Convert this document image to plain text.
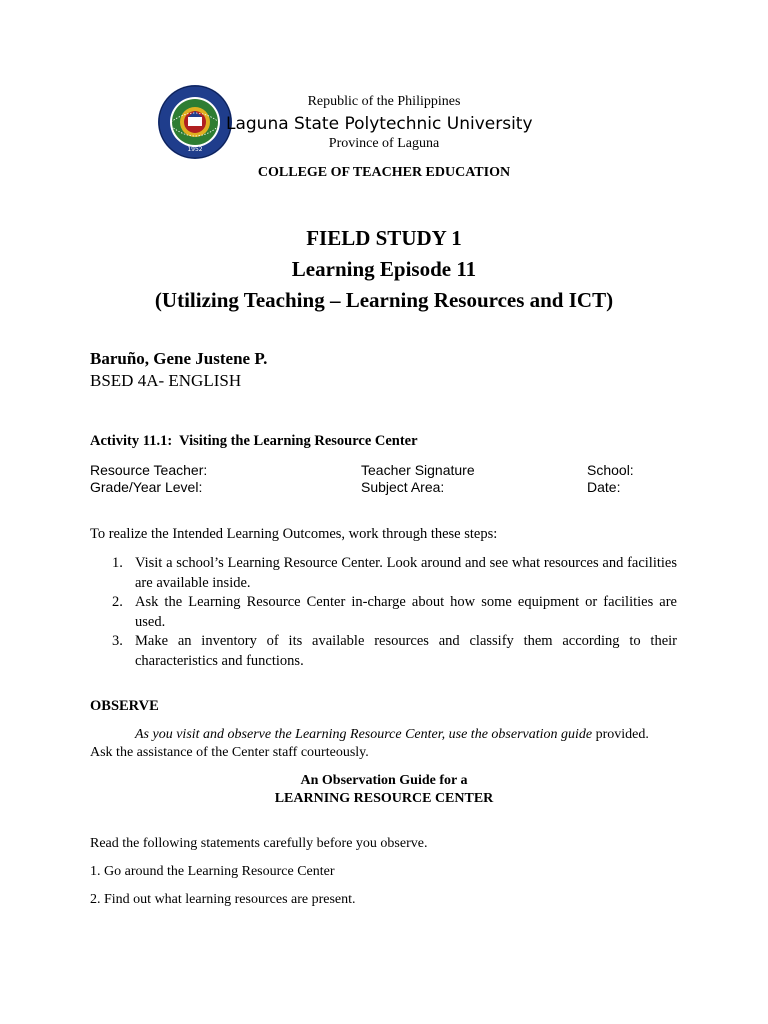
1952
Republic of the Philippines
Laguna State Polytechnic University
Province of Laguna
COLLEGE OF TEACHER EDUCATION
FIELD STUDY 1
Learning Episode 11
(Utilizing Teaching – Learning Resources and ICT)
Baruño, Gene Justene P.
BSED 4A- ENGLISH
Activity 11.1:  Visiting the Learning Resource Center
Resource Teacher:	Teacher Signature	School:
Grade/Year Level:	Subject Area:	Date:
To realize the Intended Learning Outcomes, work through these steps:
1. Visit a school’s Learning Resource Center. Look around and see what resources and facilities are available inside.
2. Ask the Learning Resource Center in-charge about how some equipment or facilities are used.
3. Make an inventory of its available resources and classify them according to their characteristics and functions.
OBSERVE
As you visit and observe the Learning Resource Center, use the observation guide provided. Ask the assistance of the Center staff courteously.
An Observation Guide for a
LEARNING RESOURCE CENTER
Read the following statements carefully before you observe.
1. Go around the Learning Resource Center
2. Find out what learning resources are present.
